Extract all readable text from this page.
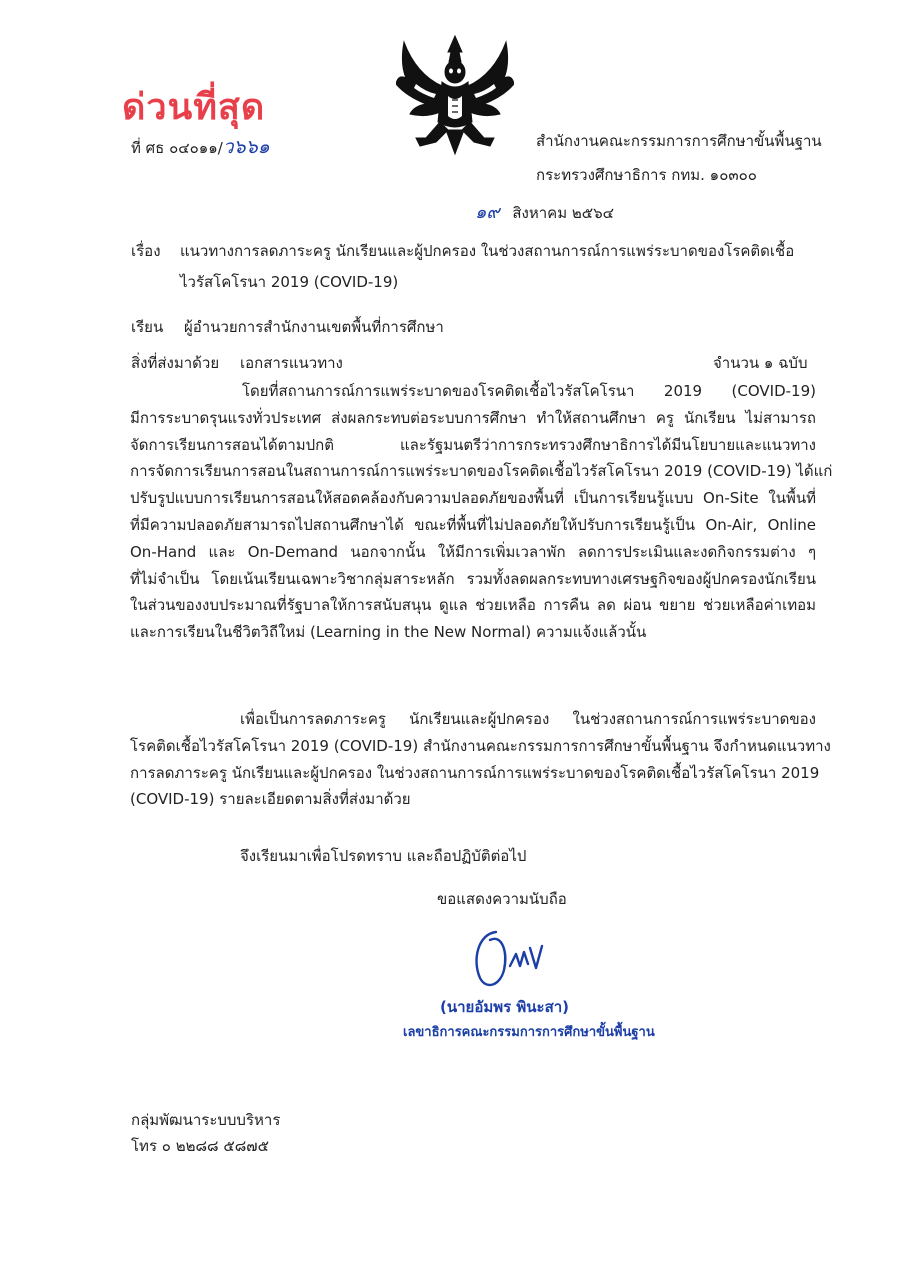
ด่วนที่สุด
ที่ ศธ ๐๔๐๑๑/ว๖๖๑	สำนักงานคณะกรรมการการศึกษาขั้นพื้นฐาน
กระทรวงศึกษาธิการ กทม. ๑๐๓๐๐
๑๙ สิงหาคม ๒๕๖๔
เรื่อง แนวทางการลดภาระครู นักเรียนและผู้ปกครอง ในช่วงสถานการณ์การแพร่ระบาดของโรคติดเชื้อ
ไวรัสโคโรนา 2019 (COVID-19)
เรียน ผู้อำนวยการสำนักงานเขตพื้นที่การศึกษา
สิ่งที่ส่งมาด้วย เอกสารแนวทาง	จำนวน ๑ ฉบับ
โดยที่สถานการณ์การแพร่ระบาดของโรคติดเชื้อไวรัสโคโรนา 2019 (COVID-19)
มีการระบาดรุนแรงทั่วประเทศ ส่งผลกระทบต่อระบบการศึกษา ทำให้สถานศึกษา ครู นักเรียน ไม่สามารถ
จัดการเรียนการสอนได้ตามปกติ และรัฐมนตรีว่าการกระทรวงศึกษาธิการได้มีนโยบายและแนวทาง
การจัดการเรียนการสอนในสถานการณ์การแพร่ระบาดของโรคติดเชื้อไวรัสโคโรนา 2019 (COVID-19) ได้แก่
ปรับรูปแบบการเรียนการสอนให้สอดคล้องกับความปลอดภัยของพื้นที่ เป็นการเรียนรู้แบบ On-Site ในพื้นที่
ที่มีความปลอดภัยสามารถไปสถานศึกษาได้ ขณะที่พื้นที่ไม่ปลอดภัยให้ปรับการเรียนรู้เป็น On-Air, Online
On-Hand และ On-Demand นอกจากนั้น ให้มีการเพิ่มเวลาพัก ลดการประเมินและงดกิจกรรมต่าง ๆ
ที่ไม่จำเป็น โดยเน้นเรียนเฉพาะวิชากลุ่มสาระหลัก รวมทั้งลดผลกระทบทางเศรษฐกิจของผู้ปกครองนักเรียน
ในส่วนของงบประมาณที่รัฐบาลให้การสนับสนุน ดูแล ช่วยเหลือ การคืน ลด ผ่อน ขยาย ช่วยเหลือค่าเทอม
และการเรียนในชีวิตวิถีใหม่ (Learning in the New Normal) ความแจ้งแล้วนั้น
เพื่อเป็นการลดภาระครู นักเรียนและผู้ปกครอง ในช่วงสถานการณ์การแพร่ระบาดของ
โรคติดเชื้อไวรัสโคโรนา 2019 (COVID-19) สำนักงานคณะกรรมการการศึกษาขั้นพื้นฐาน จึงกำหนดแนวทาง
การลดภาระครู นักเรียนและผู้ปกครอง ในช่วงสถานการณ์การแพร่ระบาดของโรคติดเชื้อไวรัสโคโรนา 2019
(COVID-19) รายละเอียดตามสิ่งที่ส่งมาด้วย
จึงเรียนมาเพื่อโปรดทราบ และถือปฏิบัติต่อไป
ขอแสดงความนับถือ
(นายอัมพร พินะสา)
เลขาธิการคณะกรรมการการศึกษาขั้นพื้นฐาน
กลุ่มพัฒนาระบบบริหาร
โทร ๐ ๒๒๘๘ ๕๘๗๕
